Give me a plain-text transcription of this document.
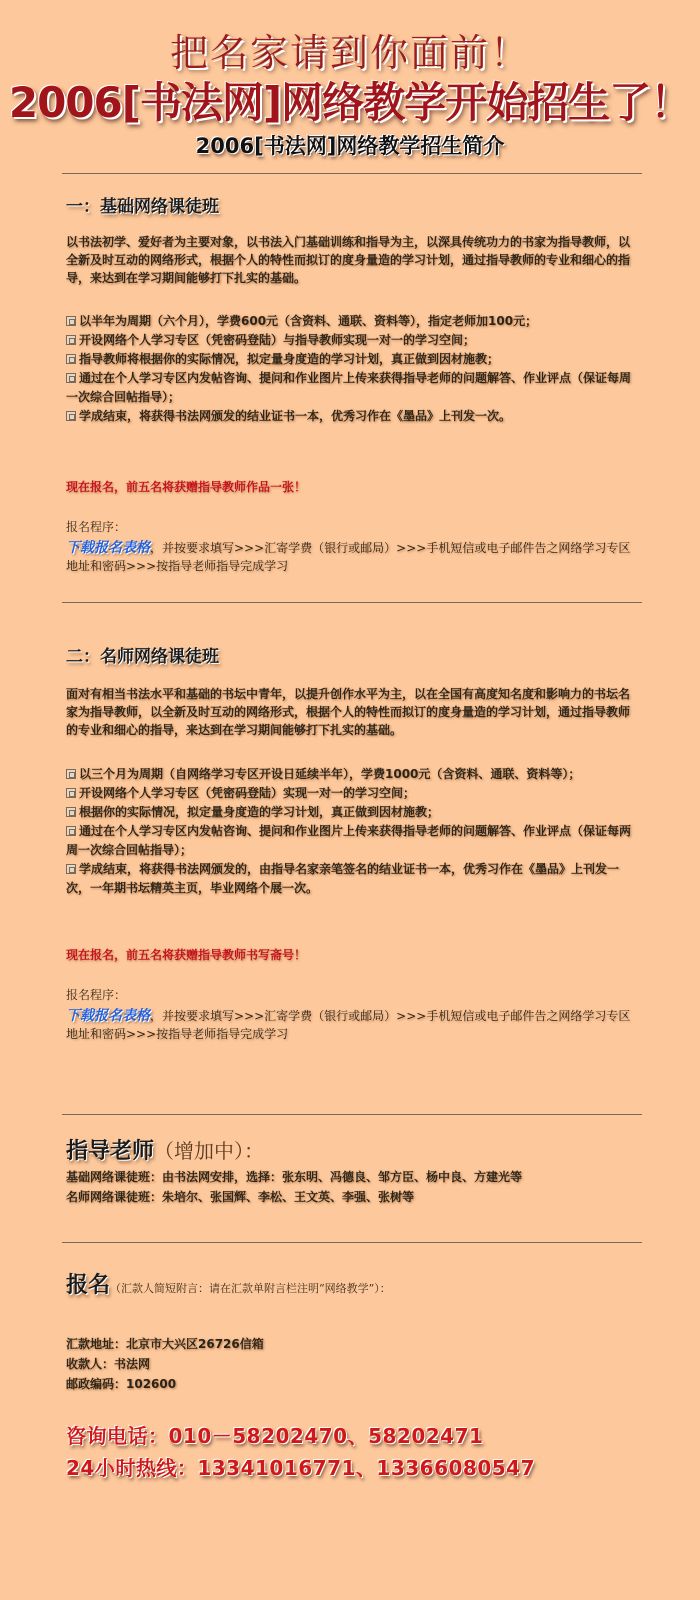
把名家请到你面前！
2006[书法网]网络教学开始招生了！
2006[书法网]网络教学招生简介
一：基础网络课徒班
以书法初学、爱好者为主要对象，以书法入门基础训练和指导为主，以深具传统功力的书家为指导教师，以全新及时互动的网络形式，根据个人的特性而拟订的度身量造的学习计划，通过指导教师的专业和细心的指导，来达到在学习期间能够打下扎实的基础。
以半年为周期（六个月），学费600元（含资料、通联、资料等），指定老师加100元；
开设网络个人学习专区（凭密码登陆）与指导教师实现一对一的学习空间；
指导教师将根据你的实际情况，拟定量身度造的学习计划，真正做到因材施教；
通过在个人学习专区内发帖咨询、提问和作业图片上传来获得指导老师的问题解答、作业评点（保证每周一次综合回帖指导）；
学成结束，将获得书法网颁发的结业证书一本，优秀习作在《墨品》上刊发一次。
现在报名，前五名将获赠指导教师作品一张！
报名程序：
下载报名表格，并按要求填写>>>汇寄学费（银行或邮局）>>>手机短信或电子邮件告之网络学习专区地址和密码>>>按指导老师指导完成学习
二：名师网络课徒班
面对有相当书法水平和基础的书坛中青年，以提升创作水平为主，以在全国有高度知名度和影响力的书坛名家为指导教师，以全新及时互动的网络形式，根据个人的特性而拟订的度身量造的学习计划，通过指导教师的专业和细心的指导，来达到在学习期间能够打下扎实的基础。
以三个月为周期（自网络学习专区开设日延续半年），学费1000元（含资料、通联、资料等）；
开设网络个人学习专区（凭密码登陆）实现一对一的学习空间；
根据你的实际情况，拟定量身度造的学习计划，真正做到因材施教；
通过在个人学习专区内发帖咨询、提问和作业图片上传来获得指导老师的问题解答、作业评点（保证每两周一次综合回帖指导）；
学成结束，将获得书法网颁发的，由指导名家亲笔签名的结业证书一本，优秀习作在《墨品》上刊发一次，一年期书坛精英主页，毕业网络个展一次。
现在报名，前五名将获赠指导教师书写斋号！
报名程序：
下载报名表格，并按要求填写>>>汇寄学费（银行或邮局）>>>手机短信或电子邮件告之网络学习专区地址和密码>>>按指导老师指导完成学习
指导老师（增加中）：
基础网络课徒班：由书法网安排，选择：张东明、冯德良、邹方臣、杨中良、方建光等
名师网络课徒班：朱培尔、张国辉、李松、王文英、李强、张树等
报名（汇款人简短附言：请在汇款单附言栏注明“网络教学”）：
汇款地址：北京市大兴区26726信箱
收款人：书法网
邮政编码：102600
咨询电话：010－58202470、58202471
24小时热线：13341016771、13366080547
